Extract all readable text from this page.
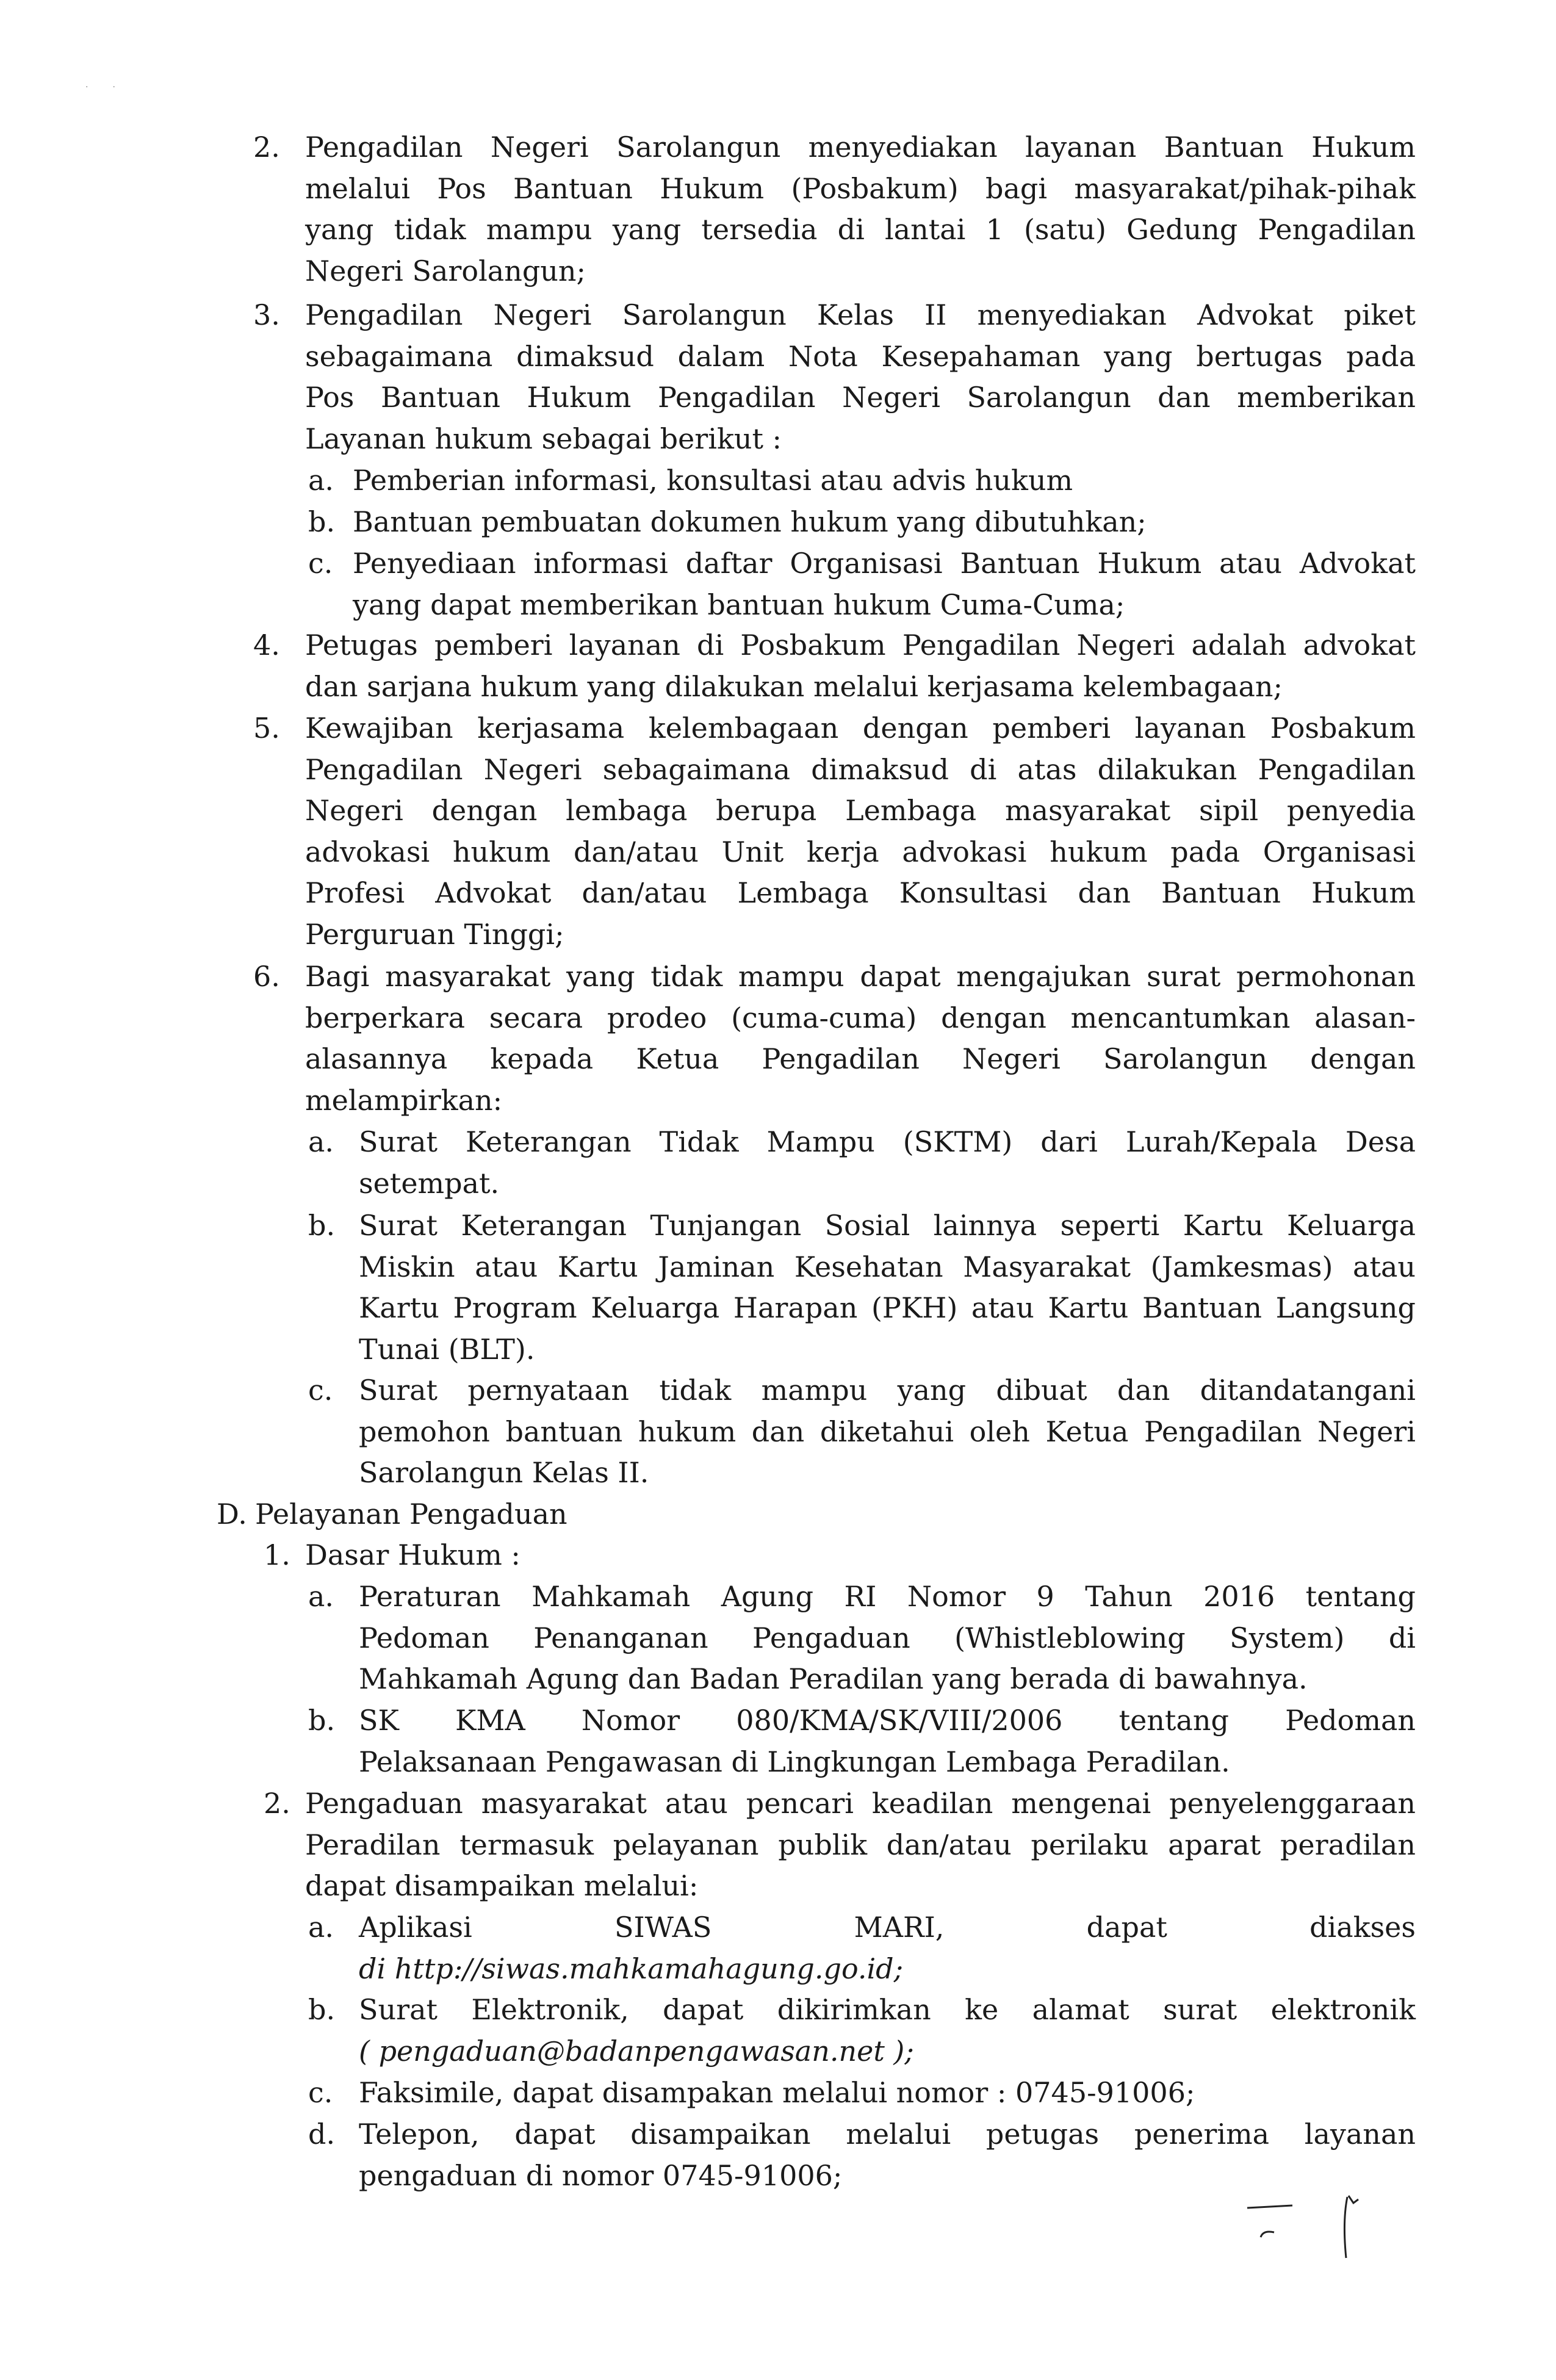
·         ·
2. Pengadilan Negeri Sarolangun menyediakan layanan Bantuan Hukum
melalui Pos Bantuan Hukum (Posbakum) bagi masyarakat/pihak-pihak
yang tidak mampu yang tersedia di lantai 1 (satu) Gedung Pengadilan
Negeri Sarolangun;
3. Pengadilan Negeri Sarolangun Kelas II menyediakan Advokat piket
sebagaimana dimaksud dalam Nota Kesepahaman yang bertugas pada
Pos Bantuan Hukum Pengadilan Negeri Sarolangun dan memberikan
Layanan hukum sebagai berikut :
a. Pemberian informasi, konsultasi atau advis hukum
b. Bantuan pembuatan dokumen hukum yang dibutuhkan;
c. Penyediaan informasi daftar Organisasi Bantuan Hukum atau Advokat
yang dapat memberikan bantuan hukum Cuma-Cuma;
4. Petugas pemberi layanan di Posbakum Pengadilan Negeri adalah advokat
dan sarjana hukum yang dilakukan melalui kerjasama kelembagaan;
5. Kewajiban kerjasama kelembagaan dengan pemberi layanan Posbakum
Pengadilan Negeri sebagaimana dimaksud di atas dilakukan Pengadilan
Negeri dengan lembaga berupa Lembaga masyarakat sipil penyedia
advokasi hukum dan/atau Unit kerja advokasi hukum pada Organisasi
Profesi Advokat dan/atau Lembaga Konsultasi dan Bantuan Hukum
Perguruan Tinggi;
6. Bagi masyarakat yang tidak mampu dapat mengajukan surat permohonan
berperkara secara prodeo (cuma-cuma) dengan mencantumkan alasan-
alasannya kepada Ketua Pengadilan Negeri Sarolangun dengan
melampirkan:
a. Surat Keterangan Tidak Mampu (SKTM) dari Lurah/Kepala Desa
setempat.
b. Surat Keterangan Tunjangan Sosial lainnya seperti Kartu Keluarga
Miskin atau Kartu Jaminan Kesehatan Masyarakat (Jamkesmas) atau
Kartu Program Keluarga Harapan (PKH) atau Kartu Bantuan Langsung
Tunai (BLT).
c. Surat pernyataan tidak mampu yang dibuat dan ditandatangani
pemohon bantuan hukum dan diketahui oleh Ketua Pengadilan Negeri
Sarolangun Kelas II.
D. Pelayanan Pengaduan
1. Dasar Hukum :
a. Peraturan Mahkamah Agung RI Nomor 9 Tahun 2016 tentang
Pedoman Penanganan Pengaduan (Whistleblowing System) di
Mahkamah Agung dan Badan Peradilan yang berada di bawahnya.
b. SK KMA Nomor 080/KMA/SK/VIII/2006 tentang Pedoman
Pelaksanaan Pengawasan di Lingkungan Lembaga Peradilan.
2. Pengaduan masyarakat atau pencari keadilan mengenai penyelenggaraan
Peradilan termasuk pelayanan publik dan/atau perilaku aparat peradilan
dapat disampaikan melalui:
a. Aplikasi SIWAS MARI, dapat diakses
di http://siwas.mahkamahagung.go.id;
b. Surat Elektronik, dapat dikirimkan ke alamat surat elektronik
( pengaduan@badanpengawasan.net );
c. Faksimile, dapat disampakan melalui nomor : 0745-91006;
d. Telepon, dapat disampaikan melalui petugas penerima layanan
pengaduan di nomor 0745-91006;
